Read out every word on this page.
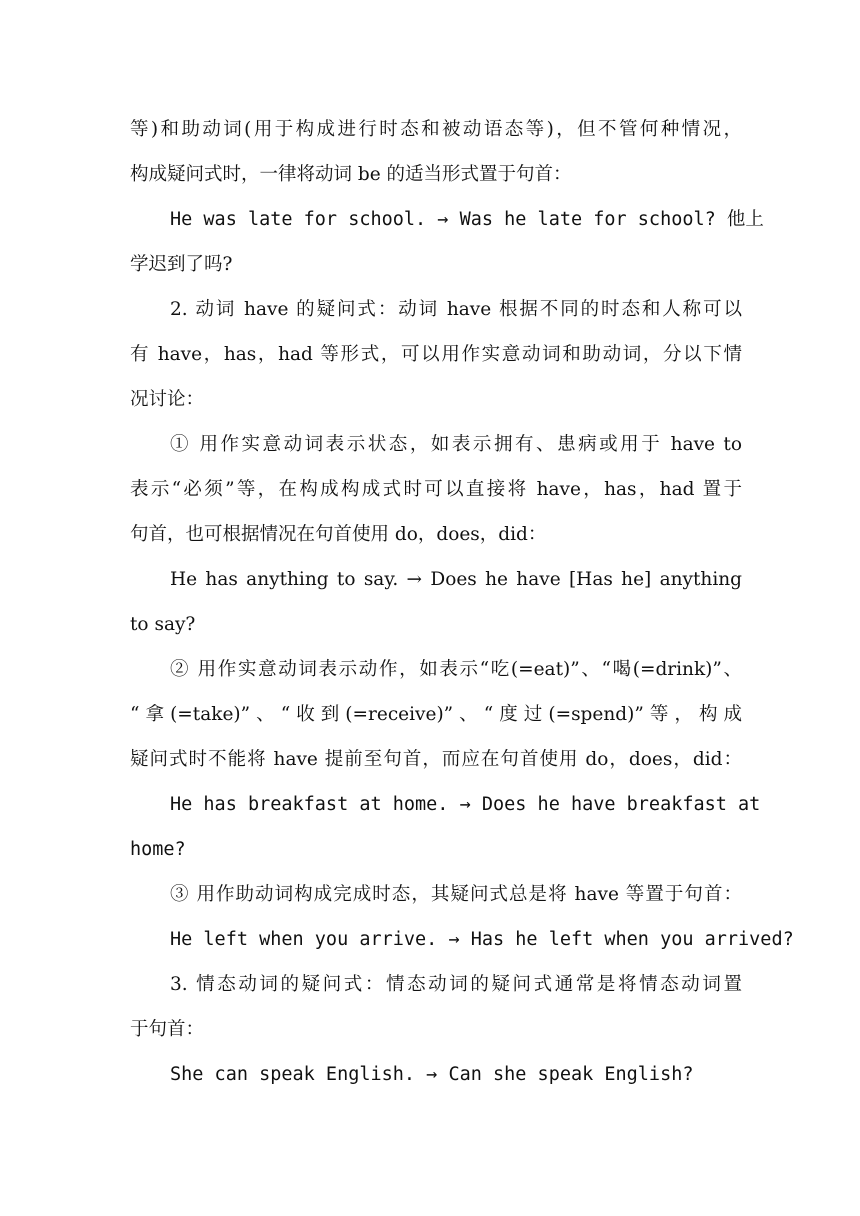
等)和助动词(用于构成进行时态和被动语态等)，但不管何种情况，
构成疑问式时，一律将动词 be 的适当形式置于句首：
He was late for school. → Was he late for school? 他上
学迟到了吗?
2. 动词 have 的疑问式：动词 have 根据不同的时态和人称可以
有 have，has，had 等形式，可以用作实意动词和助动词，分以下情
况讨论：
① 用作实意动词表示状态，如表示拥有、患病或用于 have to
表示“必须”等，在构成构成式时可以直接将 have，has，had 置于
句首，也可根据情况在句首使用 do，does，did：
He has anything to say. → Does he have [Has he] anything
to say?
② 用作实意动词表示动作，如表示“吃(=eat)”、“喝(=drink)”、
“拿(=take)”、“收到(=receive)”、“度过(=spend)”等，构成
疑问式时不能将 have 提前至句首，而应在句首使用 do，does，did：
He has breakfast at home. → Does he have breakfast at
home?
③ 用作助动词构成完成时态，其疑问式总是将 have 等置于句首：
He left when you arrive. → Has he left when you arrived?
3. 情态动词的疑问式：情态动词的疑问式通常是将情态动词置
于句首：
She can speak English. → Can she speak English?
